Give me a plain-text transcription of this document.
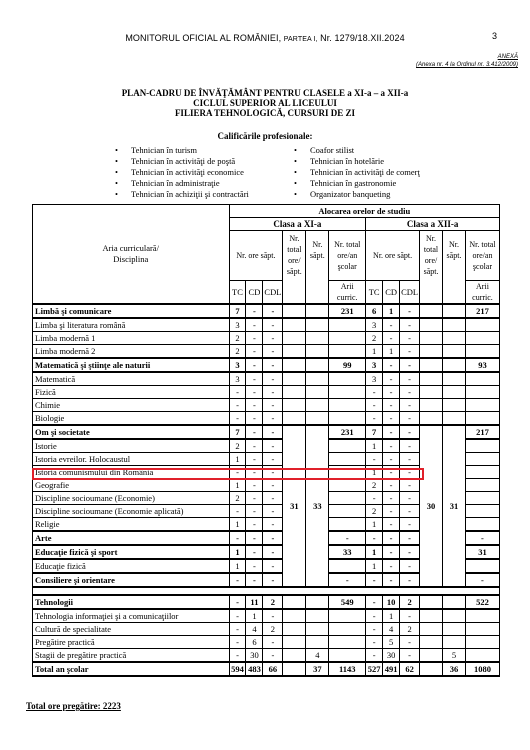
MONITORUL OFICIAL AL ROMÂNIEI, PARTEA I, Nr. 1279/18.XII.2024	3
ANEXĂ
(Anexa nr. 4 la Ordinul nr. 3.412/2009)
PLAN-CADRU DE ÎNVĂŢĂMÂNT PENTRU CLASELE a XI-a – a XII-a
CICLUL SUPERIOR AL LICEULUI
FILIERA TEHNOLOGICĂ, CURSURI DE ZI
Calificările profesionale:
• Tehnician în turism
• Tehnician în activităţi de poştă
• Tehnician în activităţi economice
• Tehnician în administraţie
• Tehnician în achiziţii şi contractări
• Coafor stilist
• Tehnician în hotelărie
• Tehnician în activităţi de comerţ
• Tehnician în gastronomie
• Organizator banqueting
Aria curriculară/
Disciplina	Alocarea orelor de studiu											
	Clasa a XI-a						Clasa a XII-a					
	Nr. ore săpt.			Nr. total ore/ săpt.	Nr. săpt.	Nr. total ore/an şcolar	Nr. ore săpt.			Nr. total ore/ săpt.	Nr. săpt.	Nr. total ore/an şcolar
	TC	CD	CDL			Arii curric.	TC	CD	CDL			Arii curric.
Limbă şi comunicare	7	-	-			231	6	1	-			217
Limba şi literatura română	3	-	-				3	-	-			
Limba modernă 1	2	-	-				2	-	-			
Limba modernă 2	2	-	-				1	1	-			
Matematică şi ştiinţe ale naturii	3	-	-			99	3	-	-			93
Matematică	3	-	-				3	-	-			
Fizică	-	-	-				-	-	-			
Chimie	-	-	-				-	-	-			
Biologie	-	-	-				-	-	-			
Om şi societate	7	-	-	31	33	231	7	-	-	30	31	217
Istorie	2	-	-				1	-	-			
Istoria evreilor. Holocaustul	1	-	-				-	-	-			
Istoria comunismului din România	-	-	-				1	-	-			
Geografie	1	-	-				2	-	-			
Discipline socioumane (Economie)	2	-	-				-	-	-			
Discipline socioumane (Economie aplicată)	-	-	-				2	-	-			
Religie	1	-	-				1	-	-			
Arte	-	-	-			-	-	-	-			-
Educaţie fizică şi sport	1	-	-			33	1	-	-			31
Educaţie fizică	1	-	-				1	-	-			
Consiliere şi orientare	-	-	-			-	-	-	-			-

Tehnologii	-	11	2			549	-	10	2			522
Tehnologia informaţiei şi a comunicaţiilor	-	1	-				-	1	-			
Cultură de specialitate	-	4	2				-	4	2			
Pregătire practică	-	6	-				-	5	-			
Stagii de pregătire practică	-	30	-		4		-	30	-		5	
Total an şcolar	594	483	66		37	1143	527	491	62		36	1080
Total ore pregătire: 2223
